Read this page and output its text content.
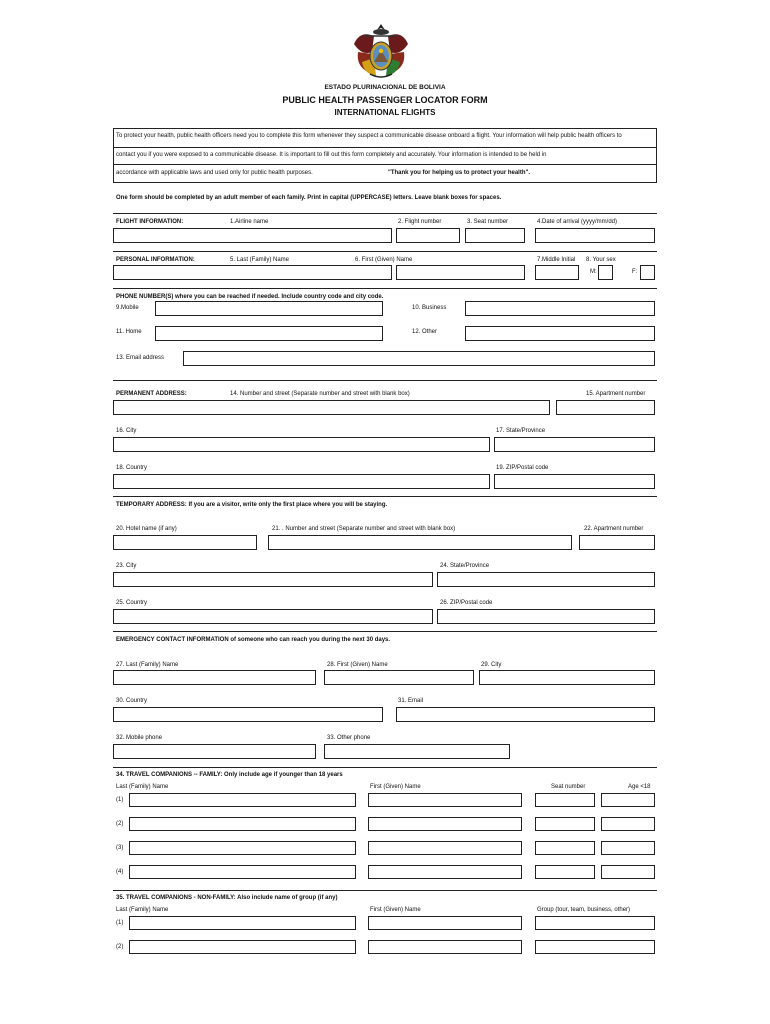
ESTADO PLURINACIONAL DE BOLIVIA
PUBLIC HEALTH PASSENGER LOCATOR FORM
INTERNATIONAL FLIGHTS
To protect your health, public health officers need you to complete this form whenever they suspect a communicable disease onboard a flight. Your information will help public health officers to
contact you if you were exposed to a communicable disease. It is important to fill out this form completely and accurately. Your information is intended to be held in
accordance with applicable laws and used only for public health purposes.	"Thank you for helping us to protect your health".
One form should be completed by an adult member of each family. Print in capital (UPPERCASE) letters. Leave blank boxes for spaces.
FLIGHT INFORMATION:	1.Airline name	2. Flight number	3. Seat number	4.Date of arrival (yyyy/mm/dd)
PERSONAL INFORMATION:	5. Last (Family) Name	6. First (Given) Name	7.Middle Initial 8. Your sex
M:	F:
PHONE NUMBER(S) where you can be reached if needed. Include country code and city code.
9.Mobile	10. Business
11. Home	12. Other
13. Email address
PERMANENT ADDRESS:	14. Number and street (Separate number and street with blank box)	15. Apartment number
16. City	17. State/Province
18. Country	19. ZIP/Postal code
TEMPORARY ADDRESS: If you are a visitor, write only the first place where you will be staying.
20. Hotel name (if any)	21. . Number and street (Separate number and street with blank box)	22. Apartment number
23. City	24. State/Province
25. Country	26. ZIP/Postal code
EMERGENCY CONTACT INFORMATION of someone who can reach you during the next 30 days.
27. Last (Family) Name	28. First (Given) Name	29. City
30. Country	31. Email
32. Mobile phone	33. Other phone
34. TRAVEL COMPANIONS -- FAMILY: Only include age if younger than 18 years
Last (Family) Name	First (Given) Name	Seat number	Age <18
(1)
(2)
(3)
(4)
35. TRAVEL COMPANIONS - NON-FAMILY: Also include name of group (if any)
Last (Family) Name	First (Given) Name	Group (tour, team, business, other)
(1)
(2)
